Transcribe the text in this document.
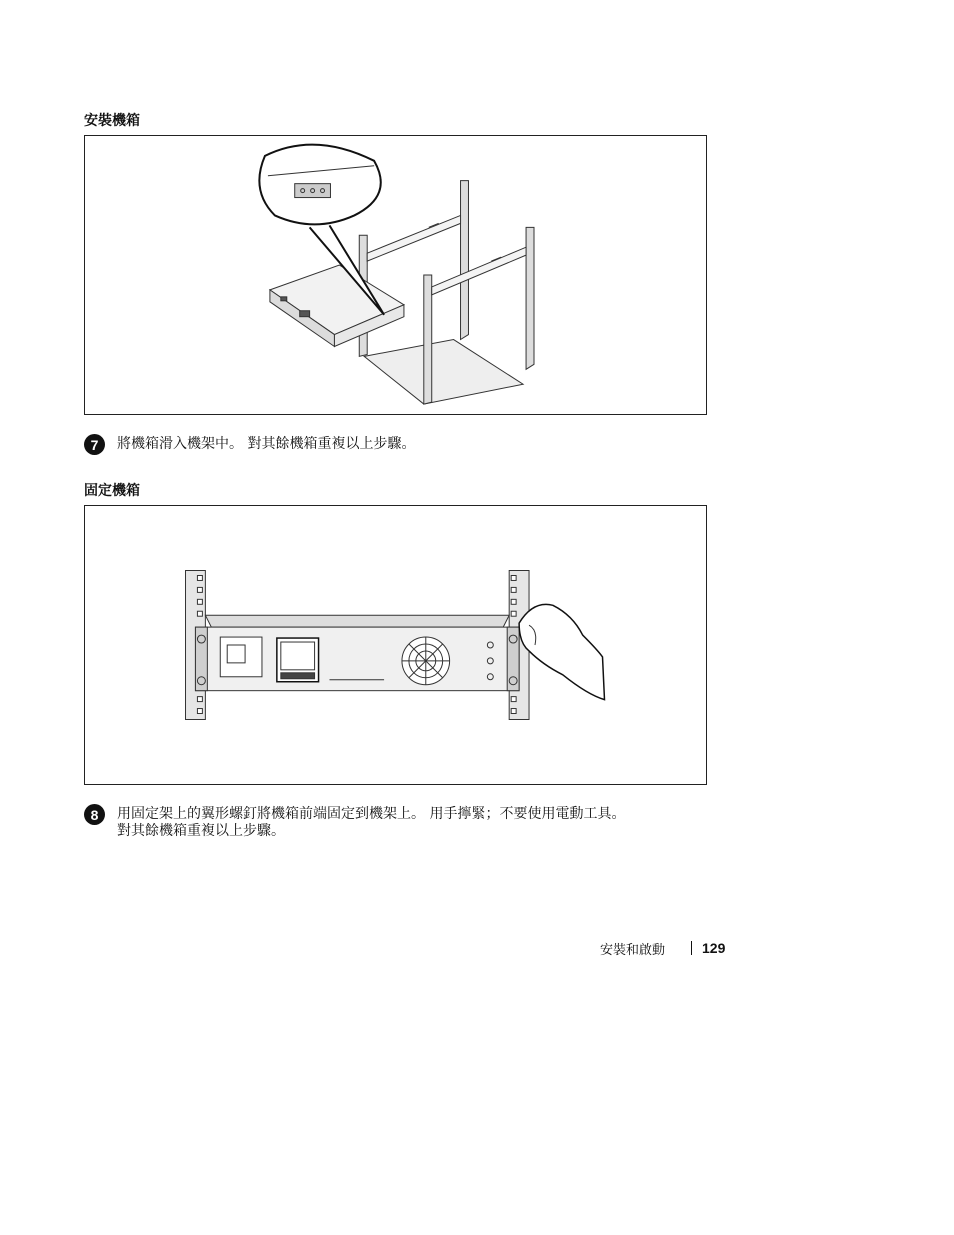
安裝機箱
7	將機箱滑入機架中。 對其餘機箱重複以上步驟。
固定機箱
8	用固定架上的翼形螺釘將機箱前端固定到機架上。 用手擰緊；不要使用電動工具。
對其餘機箱重複以上步驟。
安裝和啟動	129
